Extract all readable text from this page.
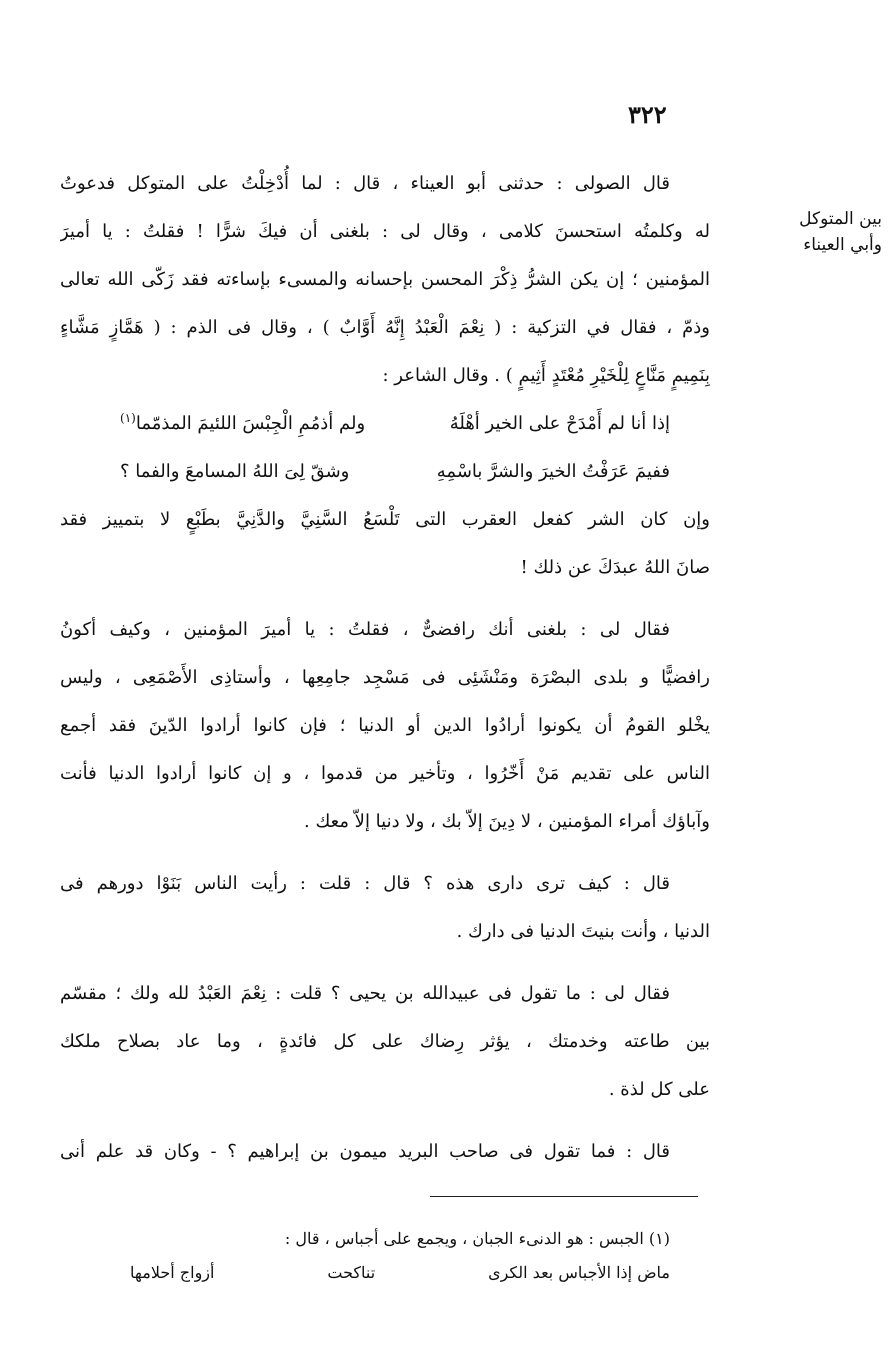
٣٢٢
بين المتوكل
وأبي العيناء
قال الصولى : حدثنى أبو العيناء ، قال : لما أُدْخِلْتُ على المتوكل فدعوتُ
له وكلمتُه استحسنَ كلامى ، وقال لى : بلغنى أن فيكَ شرًّا ! فقلتُ : يا أميرَ
المؤمنين ؛ إن يكن الشرُّ ذِكْرَ المحسن بإحسانه والمسىء بإساءته فقد زَكّى الله تعالى
وذمّ ، فقال في التزكية : ( نِعْمَ الْعَبْدُ إِنَّهُ أَوَّابٌ ) ، وقال فى الذم : ( هَمَّازٍ مَشَّاءٍ
بِنَمِيمٍ مَنَّاعٍ لِلْخَيْرِ مُعْتَدٍ أَثِيمٍ ) . وقال الشاعر :
إذا أنا لم أَمْدَحْ على الخير أهْلَهُ
ولم أذمُمِ الْجِبْسَ اللئيمَ المذمّما$^{(١)}$
ففيمَ عَرَفْتُ الخيرَ والشرَّ باسْمِهِ
وشقّ لِىَ اللهُ المسامعَ والفما ؟
وإن كان الشر كفعل العقرب التى تَلْسَعُ السَّنِيَّ والدَّنِيَّ بطَبْعٍ لا بتمييز فقد
صانَ اللهُ عبدَكَ عن ذلك !
فقال لى : بلغنى أنك رافضىٌّ ، فقلتُ : يا أميرَ المؤمنين ، وكيف أكونُ
رافضيًّا و بلدى البصْرَة ومَنْشَئِى فى مَسْجِد جامِعِها ، وأستاذِى الأَصْمَعِى ، وليس
يخْلو القومُ أن يكونوا أرادُوا الدين أو الدنيا ؛ فإن كانوا أرادوا الدّينَ فقد أجمع
الناس على تقديم مَنْ أَخّرُوا ، وتأخير من قدموا ، و إن كانوا أرادوا الدنيا فأنت
وآباؤك أمراء المؤمنين ، لا دِينَ إلاّ بك ، ولا دنيا إلاّ معك .
قال : كيف ترى دارى هذه ؟ قال : قلت : رأيت الناس بَنَوْا دورهم فى
الدنيا ، وأنت بنيتَ الدنيا فى دارك .
فقال لى : ما تقول فى عبيدالله بن يحيى ؟ قلت : نِعْمَ العَبْدُ لله ولك ؛ مقسّم
بين طاعته وخدمتك ، يؤثر رِضاك على كل فائدةٍ ، وما عاد بصلاح ملكك
على كل لذة .
قال : فما تقول فى صاحب البريد ميمون بن إبراهيم ؟ - وكان قد علم أنى
(١) الجبس : هو الدنىء الجبان ، ويجمع على أجباس ، قال :
ماض إذا الأجباس بعد الكرى
تناكحت
أزواج أحلامها
